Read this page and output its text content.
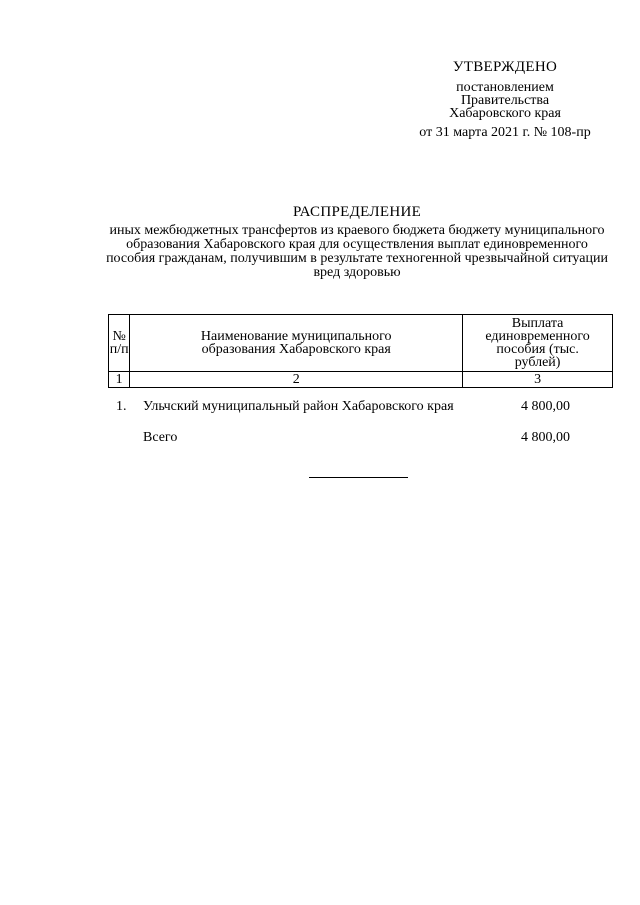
УТВЕРЖДЕНО
постановлением
Правительства
Хабаровского края
от 31 марта 2021 г. № 108-пр
РАСПРЕДЕЛЕНИЕ
иных межбюджетных трансфертов из краевого бюджета бюджету муниципального образования Хабаровского края для осуществления выплат единовременного пособия гражданам, получившим в результате техногенной чрезвычайной ситуации вред здоровью
№ п/п	Наименование муниципального образования Хабаровского края	Выплата единовременного пособия (тыс. рублей)
1	2	3
1. Ульчский муниципальный район Хабаровского края	4 800,00
Всего	4 800,00
